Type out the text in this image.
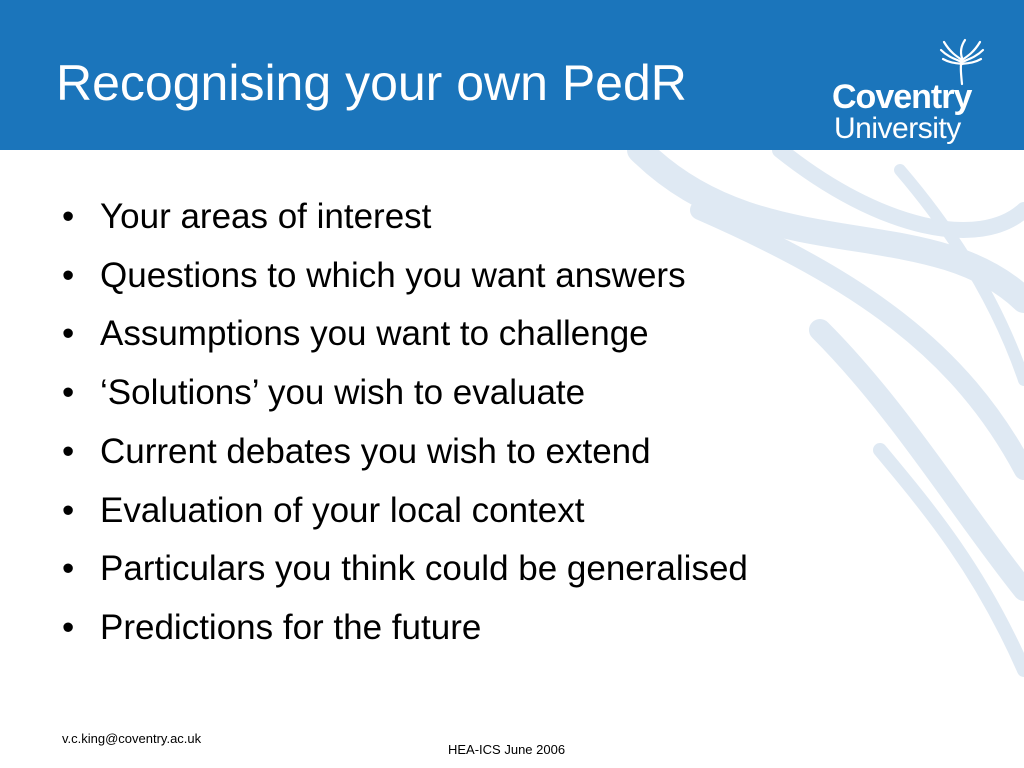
Recognising your own PedR	Coventry
University
• Your areas of interest
• Questions to which you want answers
• Assumptions you want to challenge
• ‘Solutions’ you wish to evaluate
• Current debates you wish to extend
• Evaluation of your local context
• Particulars you think could be generalised
• Predictions for the future
v.c.king@coventry.ac.uk
HEA-ICS June 2006
